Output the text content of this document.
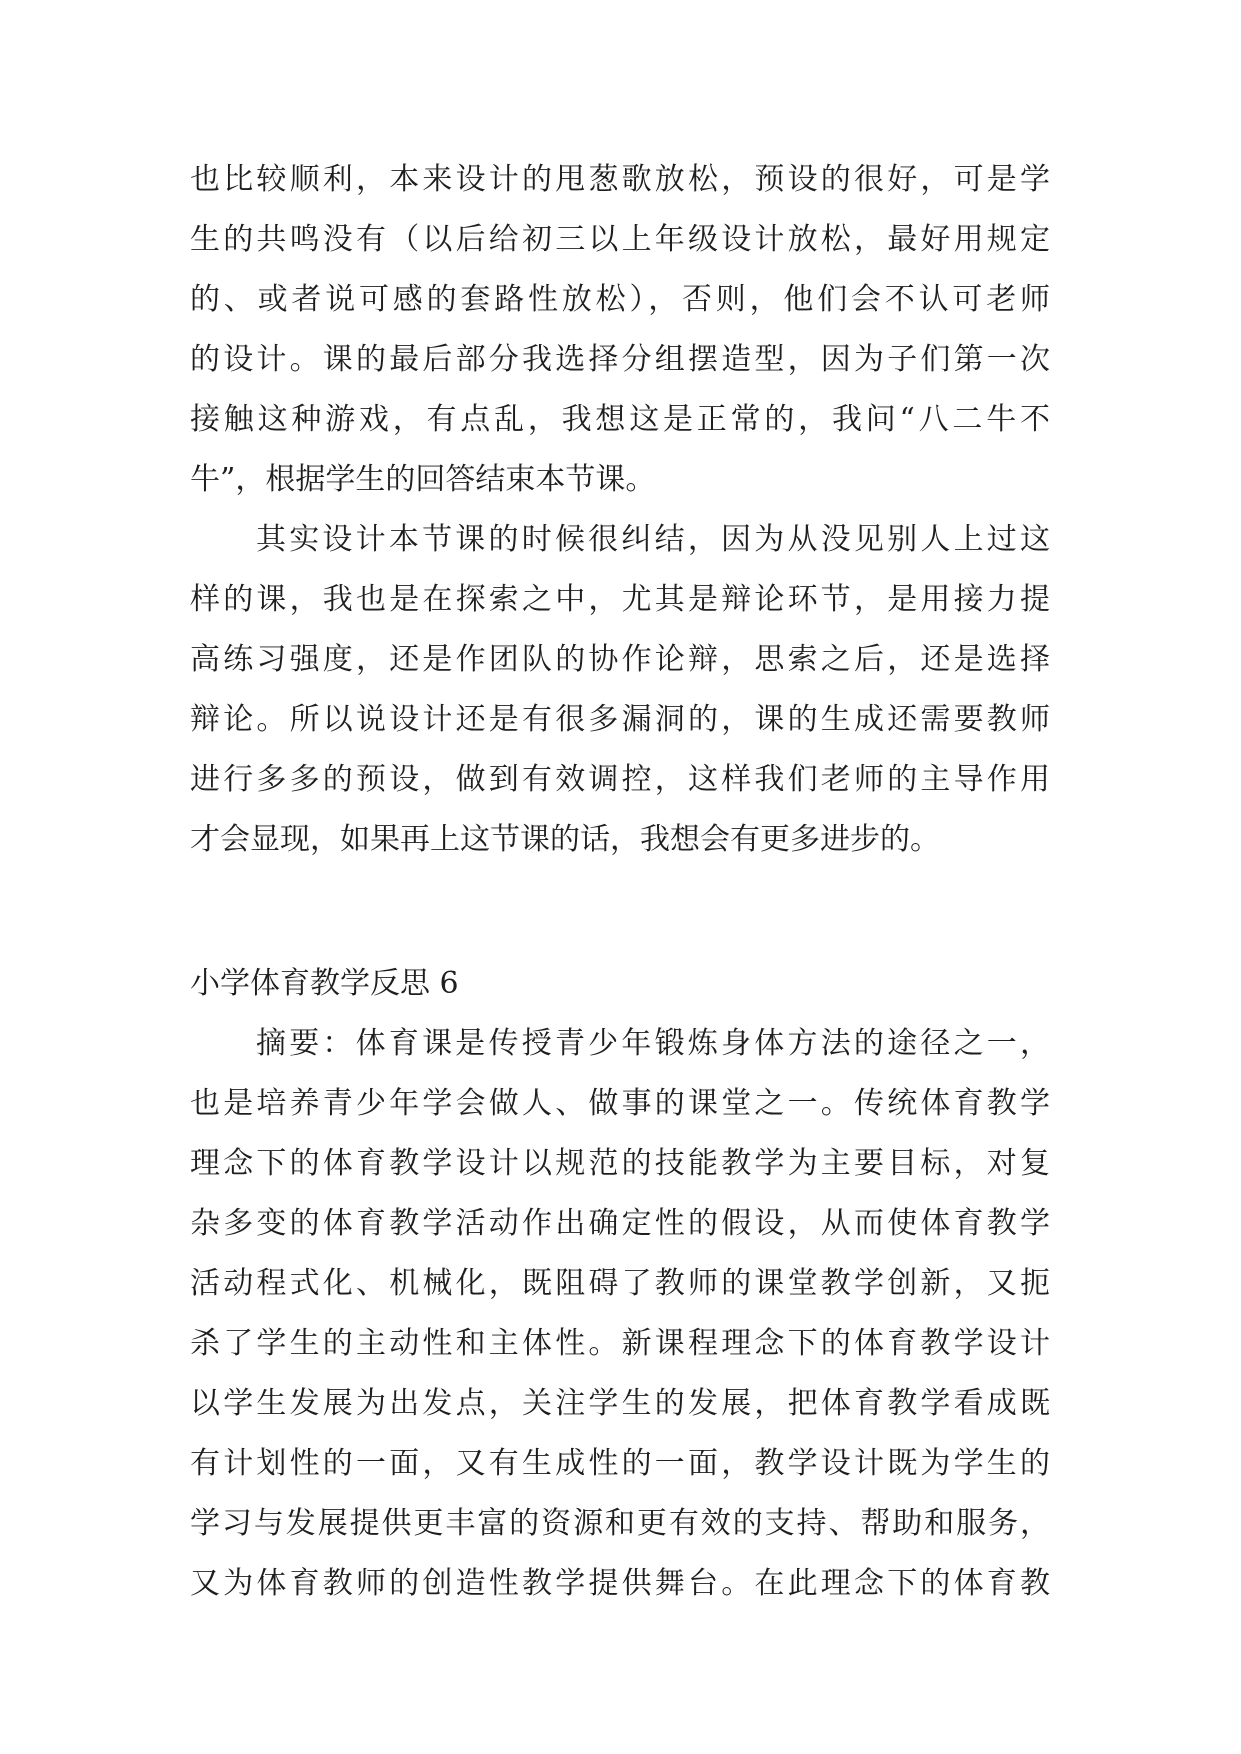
也比较顺利，本来设计的甩葱歌放松，预设的很好，可是学
生的共鸣没有（以后给初三以上年级设计放松，最好用规定
的、或者说可感的套路性放松），否则，他们会不认可老师
的设计。课的最后部分我选择分组摆造型，因为子们第一次
接触这种游戏，有点乱，我想这是正常的，我问“八二牛不
牛”，根据学生的回答结束本节课。
其实设计本节课的时候很纠结，因为从没见别人上过这
样的课，我也是在探索之中，尤其是辩论环节，是用接力提
高练习强度，还是作团队的协作论辩，思索之后，还是选择
辩论。所以说设计还是有很多漏洞的，课的生成还需要教师
进行多多的预设，做到有效调控，这样我们老师的主导作用
才会显现，如果再上这节课的话，我想会有更多进步的。
小学体育教学反思 6
摘要：体育课是传授青少年锻炼身体方法的途径之一，
也是培养青少年学会做人、做事的课堂之一。传统体育教学
理念下的体育教学设计以规范的技能教学为主要目标，对复
杂多变的体育教学活动作出确定性的假设，从而使体育教学
活动程式化、机械化，既阻碍了教师的课堂教学创新，又扼
杀了学生的主动性和主体性。新课程理念下的体育教学设计
以学生发展为出发点，关注学生的发展，把体育教学看成既
有计划性的一面，又有生成性的一面，教学设计既为学生的
学习与发展提供更丰富的资源和更有效的支持、帮助和服务，
又为体育教师的创造性教学提供舞台。在此理念下的体育教
